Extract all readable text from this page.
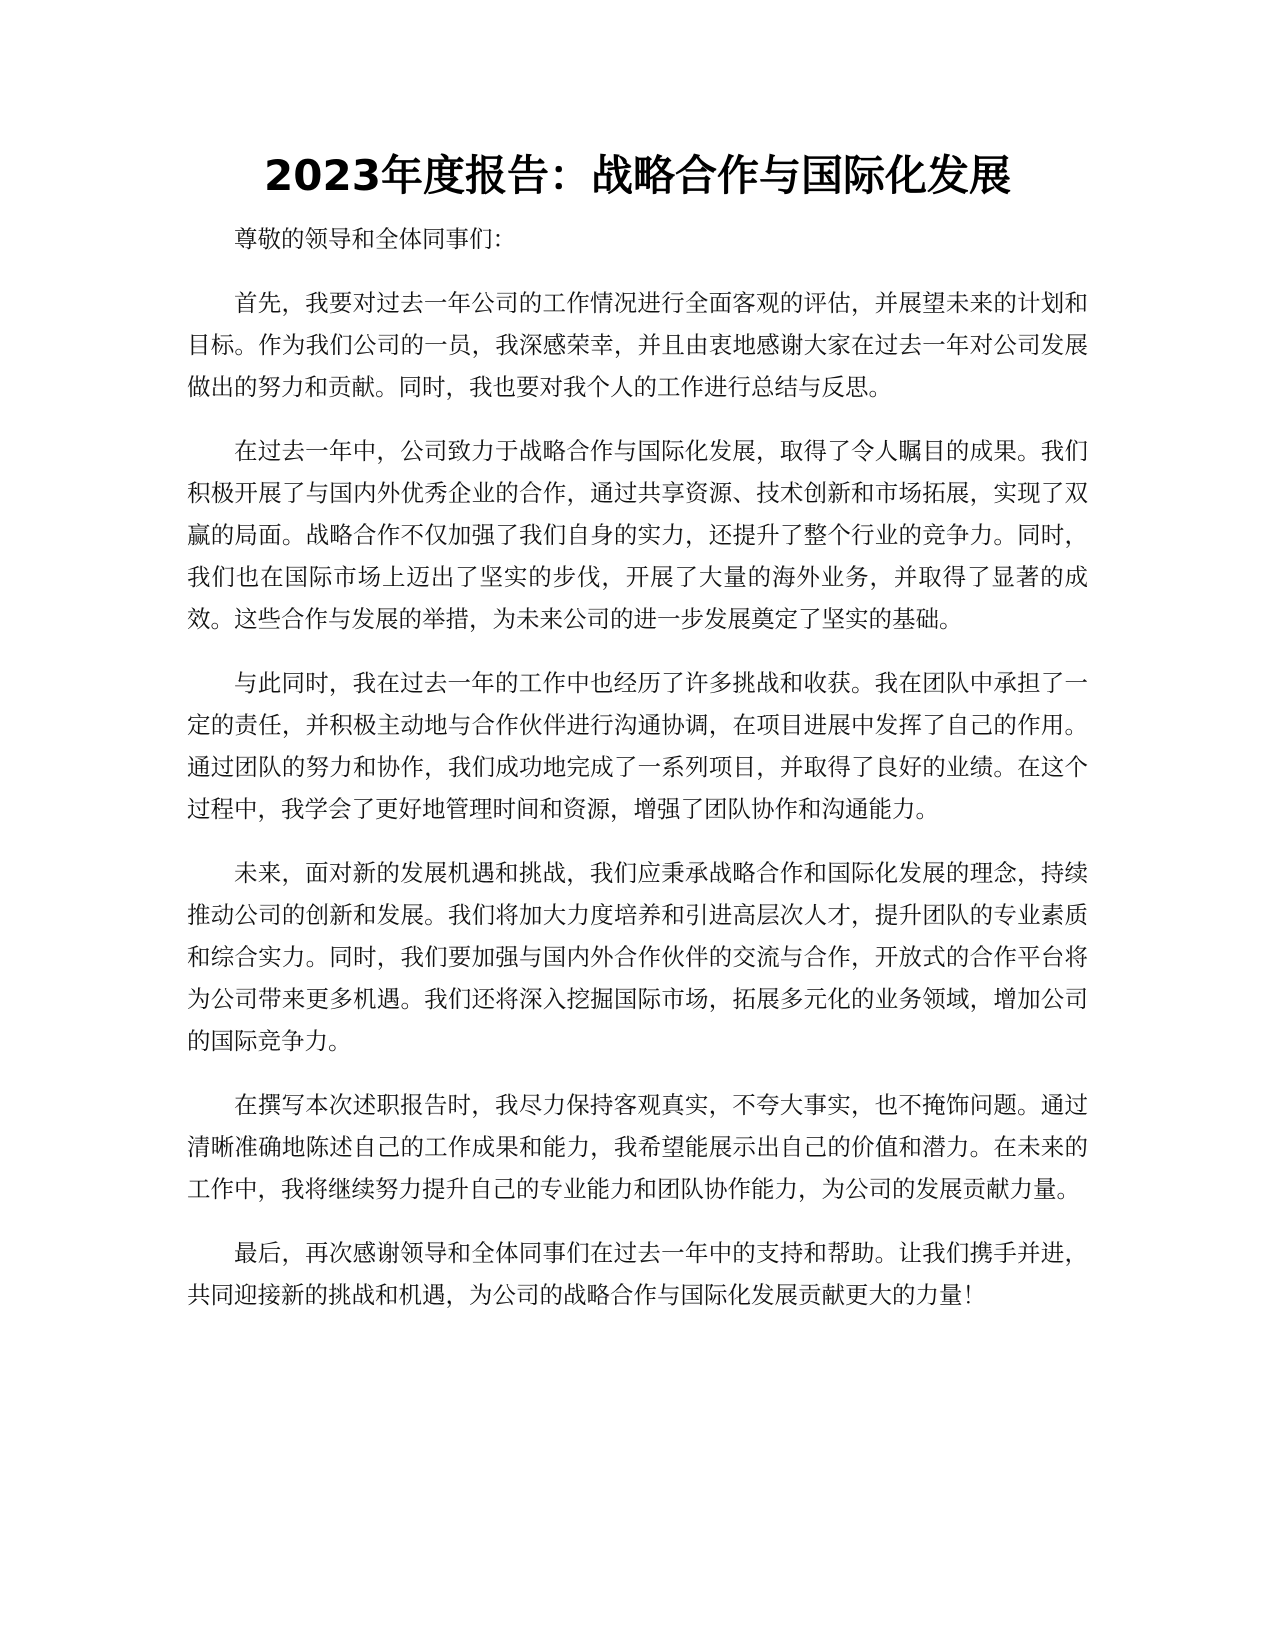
2023年度报告：战略合作与国际化发展

尊敬的领导和全体同事们：

首先，我要对过去一年公司的工作情况进行全面客观的评估，并展望未来的计划和目标。作为我们公司的一员，我深感荣幸，并且由衷地感谢大家在过去一年对公司发展做出的努力和贡献。同时，我也要对我个人的工作进行总结与反思。

在过去一年中，公司致力于战略合作与国际化发展，取得了令人瞩目的成果。我们积极开展了与国内外优秀企业的合作，通过共享资源、技术创新和市场拓展，实现了双赢的局面。战略合作不仅加强了我们自身的实力，还提升了整个行业的竞争力。同时，我们也在国际市场上迈出了坚实的步伐，开展了大量的海外业务，并取得了显著的成效。这些合作与发展的举措，为未来公司的进一步发展奠定了坚实的基础。

与此同时，我在过去一年的工作中也经历了许多挑战和收获。我在团队中承担了一定的责任，并积极主动地与合作伙伴进行沟通协调，在项目进展中发挥了自己的作用。通过团队的努力和协作，我们成功地完成了一系列项目，并取得了良好的业绩。在这个过程中，我学会了更好地管理时间和资源，增强了团队协作和沟通能力。

未来，面对新的发展机遇和挑战，我们应秉承战略合作和国际化发展的理念，持续推动公司的创新和发展。我们将加大力度培养和引进高层次人才，提升团队的专业素质和综合实力。同时，我们要加强与国内外合作伙伴的交流与合作，开放式的合作平台将为公司带来更多机遇。我们还将深入挖掘国际市场，拓展多元化的业务领域，增加公司的国际竞争力。

在撰写本次述职报告时，我尽力保持客观真实，不夸大事实，也不掩饰问题。通过清晰准确地陈述自己的工作成果和能力，我希望能展示出自己的价值和潜力。在未来的工作中，我将继续努力提升自己的专业能力和团队协作能力，为公司的发展贡献力量。

最后，再次感谢领导和全体同事们在过去一年中的支持和帮助。让我们携手并进，共同迎接新的挑战和机遇，为公司的战略合作与国际化发展贡献更大的力量！
